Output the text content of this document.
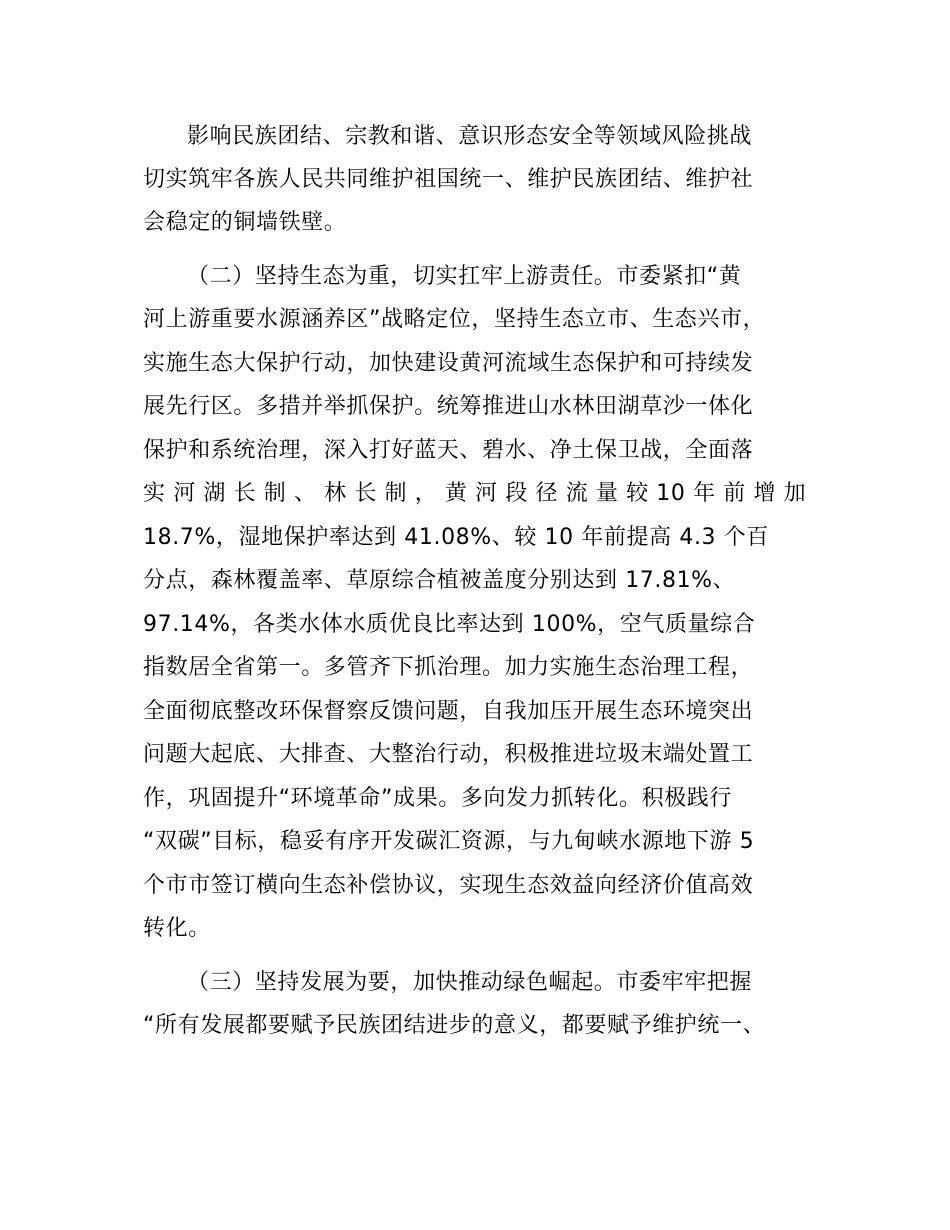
影响民族团结、宗教和谐、意识形态安全等领域风险挑战
切实筑牢各族人民共同维护祖国统一、维护民族团结、维护社
会稳定的铜墙铁壁。
（二）坚持生态为重，切实扛牢上游责任。市委紧扣“黄
河上游重要水源涵养区”战略定位，坚持生态立市、生态兴市，
实施生态大保护行动，加快建设黄河流域生态保护和可持续发
展先行区。多措并举抓保护。统筹推进山水林田湖草沙一体化
保护和系统治理，深入打好蓝天、碧水、净土保卫战，全面落
实 河 湖 长 制 、 林 长 制 ， 黄 河 段 径 流 量 较 10 年 前 增 加
18.7%，湿地保护率达到 41.08%、较 10 年前提高 4.3 个百
分点，森林覆盖率、草原综合植被盖度分别达到 17.81%、
97.14%，各类水体水质优良比率达到 100%，空气质量综合
指数居全省第一。多管齐下抓治理。加力实施生态治理工程，
全面彻底整改环保督察反馈问题，自我加压开展生态环境突出
问题大起底、大排查、大整治行动，积极推进垃圾末端处置工
作，巩固提升“环境革命”成果。多向发力抓转化。积极践行
“双碳”目标，稳妥有序开发碳汇资源，与九甸峡水源地下游 5
个市市签订横向生态补偿协议，实现生态效益向经济价值高效
转化。
（三）坚持发展为要，加快推动绿色崛起。市委牢牢把握
“所有发展都要赋予民族团结进步的意义，都要赋予维护统一、
